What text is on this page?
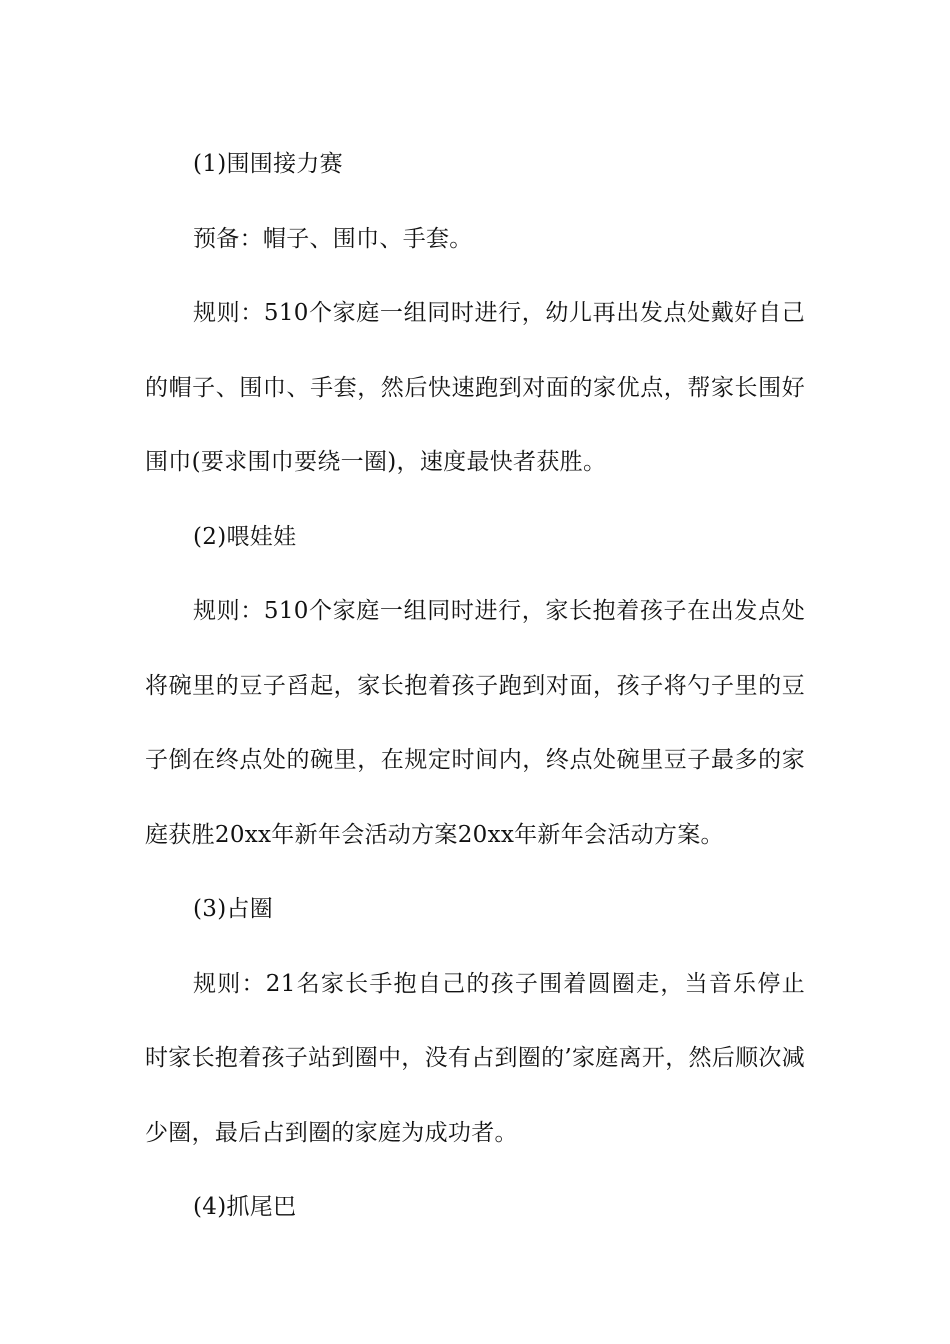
(1)围围接力赛

预备：帽子、围巾、手套。

规则：510个家庭一组同时进行，幼儿再出发点处戴好自己的帽子、围巾、手套，然后快速跑到对面的家优点，帮家长围好围巾(要求围巾要绕一圈)，速度最快者获胜。

(2)喂娃娃

规则：510个家庭一组同时进行，家长抱着孩子在出发点处将碗里的豆子舀起，家长抱着孩子跑到对面，孩子将勺子里的豆子倒在终点处的碗里，在规定时间内，终点处碗里豆子最多的家庭获胜20xx年新年会活动方案20xx年新年会活动方案。

(3)占圈

规则：21名家长手抱自己的孩子围着圆圈走，当音乐停止时家长抱着孩子站到圈中，没有占到圈的’家庭离开，然后顺次减少圈，最后占到圈的家庭为成功者。

(4)抓尾巴
